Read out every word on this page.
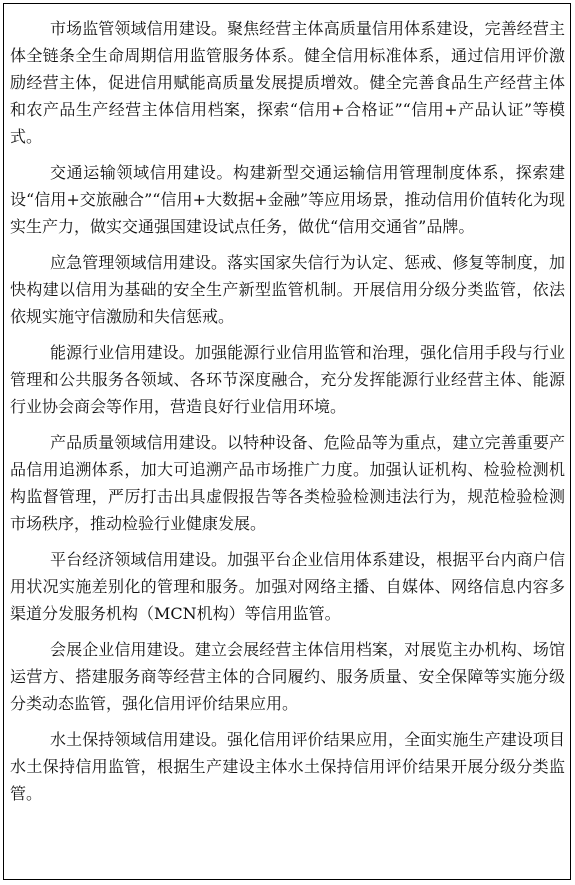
市场监管领域信用建设。聚焦经营主体高质量信用体系建设，完善经营主体全链条全生命周期信用监管服务体系。健全信用标准体系，通过信用评价激励经营主体，促进信用赋能高质量发展提质增效。健全完善食品生产经营主体和农产品生产经营主体信用档案，探索“信用+合格证”“信用+产品认证”等模式。

交通运输领域信用建设。构建新型交通运输信用管理制度体系，探索建设“信用+交旅融合”“信用+大数据+金融”等应用场景，推动信用价值转化为现实生产力，做实交通强国建设试点任务，做优“信用交通省”品牌。

应急管理领域信用建设。落实国家失信行为认定、惩戒、修复等制度，加快构建以信用为基础的安全生产新型监管机制。开展信用分级分类监管，依法依规实施守信激励和失信惩戒。

能源行业信用建设。加强能源行业信用监管和治理，强化信用手段与行业管理和公共服务各领域、各环节深度融合，充分发挥能源行业经营主体、能源行业协会商会等作用，营造良好行业信用环境。

产品质量领域信用建设。以特种设备、危险品等为重点，建立完善重要产品信用追溯体系，加大可追溯产品市场推广力度。加强认证机构、检验检测机构监督管理，严厉打击出具虚假报告等各类检验检测违法行为，规范检验检测市场秩序，推动检验行业健康发展。

平台经济领域信用建设。加强平台企业信用体系建设，根据平台内商户信用状况实施差别化的管理和服务。加强对网络主播、自媒体、网络信息内容多渠道分发服务机构（MCN机构）等信用监管。

会展企业信用建设。建立会展经营主体信用档案，对展览主办机构、场馆运营方、搭建服务商等经营主体的合同履约、服务质量、安全保障等实施分级分类动态监管，强化信用评价结果应用。

水土保持领域信用建设。强化信用评价结果应用，全面实施生产建设项目水土保持信用监管，根据生产建设主体水土保持信用评价结果开展分级分类监管。
